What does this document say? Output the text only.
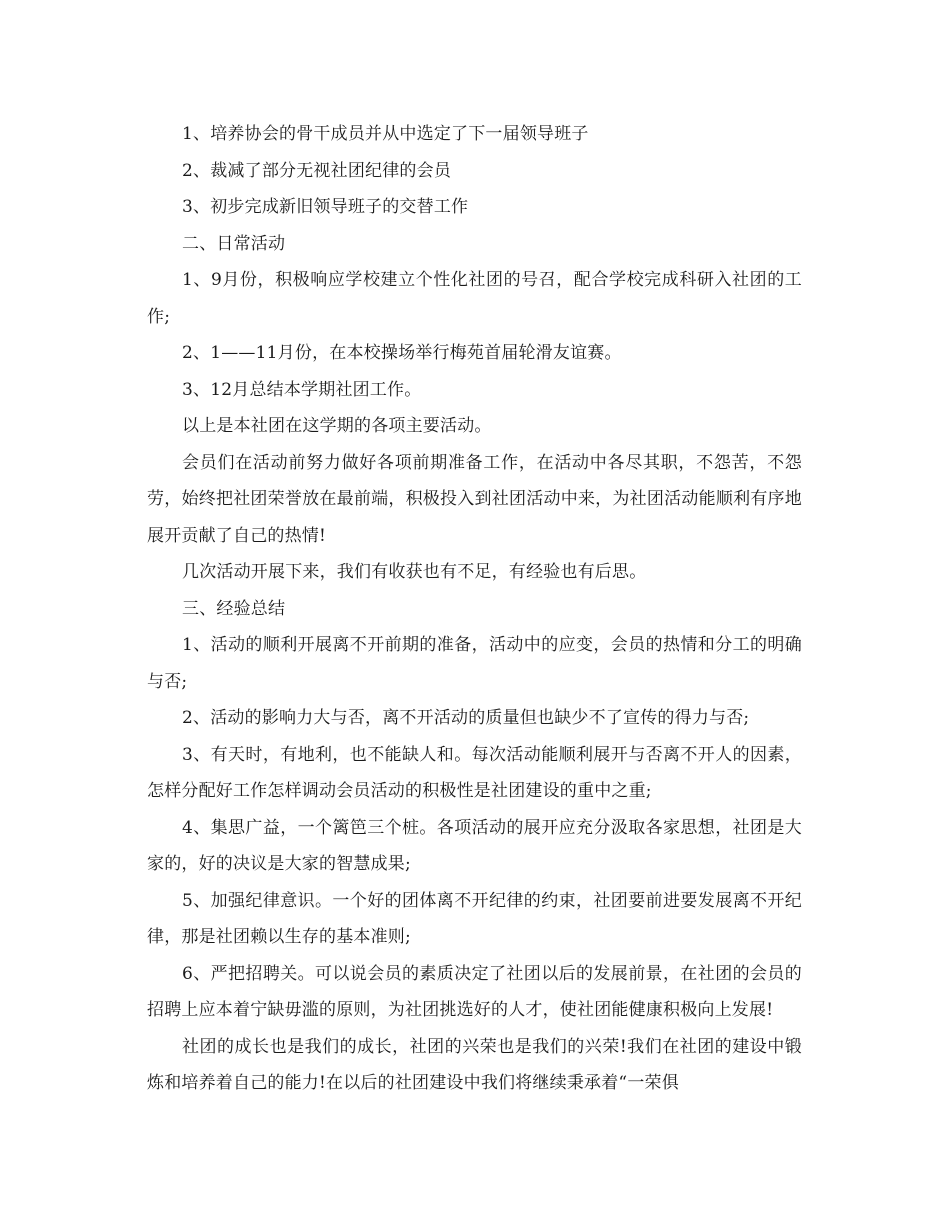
1、培养协会的骨干成员并从中选定了下一届领导班子

2、裁减了部分无视社团纪律的会员

3、初步完成新旧领导班子的交替工作

二、日常活动

1、9月份，积极响应学校建立个性化社团的号召，配合学校完成科研入社团的工作;

2、1——11月份，在本校操场举行梅苑首届轮滑友谊赛。

3、12月总结本学期社团工作。

以上是本社团在这学期的各项主要活动。

会员们在活动前努力做好各项前期准备工作，在活动中各尽其职，不怨苦，不怨劳，始终把社团荣誉放在最前端，积极投入到社团活动中来，为社团活动能顺利有序地展开贡献了自己的热情!

几次活动开展下来，我们有收获也有不足，有经验也有后思。

三、经验总结

1、活动的顺利开展离不开前期的准备，活动中的应变，会员的热情和分工的明确与否;

2、活动的影响力大与否，离不开活动的质量但也缺少不了宣传的得力与否;

3、有天时，有地利，也不能缺人和。每次活动能顺利展开与否离不开人的因素，怎样分配好工作怎样调动会员活动的积极性是社团建设的重中之重;

4、集思广益，一个篱笆三个桩。各项活动的展开应充分汲取各家思想，社团是大家的，好的决议是大家的智慧成果;

5、加强纪律意识。一个好的团体离不开纪律的约束，社团要前进要发展离不开纪律，那是社团赖以生存的基本准则;

6、严把招聘关。可以说会员的素质决定了社团以后的发展前景，在社团的会员的招聘上应本着宁缺毋滥的原则，为社团挑选好的人才，使社团能健康积极向上发展!

社团的成长也是我们的成长，社团的兴荣也是我们的兴荣!我们在社团的建设中锻炼和培养着自己的能力!在以后的社团建设中我们将继续秉承着“一荣俱
